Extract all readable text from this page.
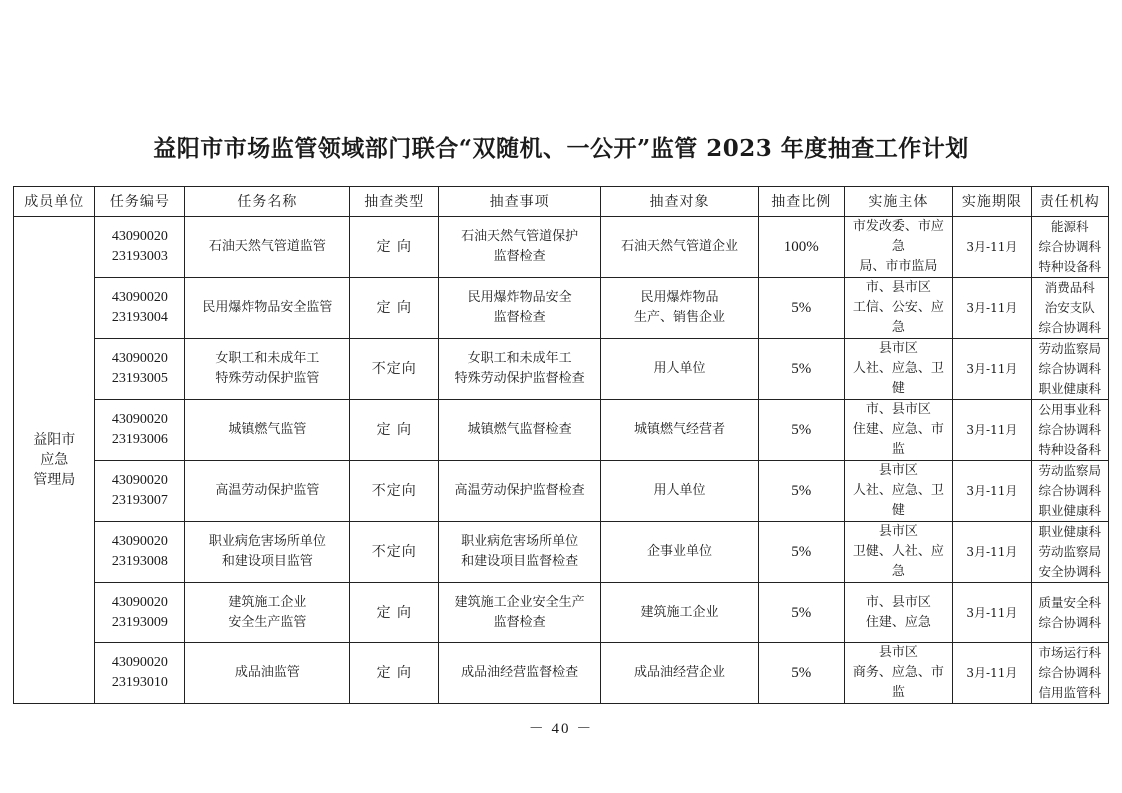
益阳市市场监管领域部门联合“双随机、一公开”监管 2023 年度抽查工作计划
成员单位	任务编号	任务名称	抽查类型	抽查事项	抽查对象	抽查比例	实施主体	实施期限	责任机构

益阳市
应急
管理局	43090020
23193003	石油天然气管道监管	定 向	石油天然气管道保护
监督检查	石油天然气管道企业	100%	市发改委、市应急
局、市市监局	3月-11月	能源科
综合协调科
特种设备科

	43090020
23193004	民用爆炸物品安全监管	定 向	民用爆炸物品安全
监督检查	民用爆炸物品
生产、销售企业	5%	市、县市区
工信、公安、应急	3月-11月	消费品科
治安支队
综合协调科

	43090020
23193005	女职工和未成年工
特殊劳动保护监管	不定向	女职工和未成年工
特殊劳动保护监督检查	用人单位	5%	县市区
人社、应急、卫健	3月-11月	劳动监察局
综合协调科
职业健康科

	43090020
23193006	城镇燃气监管	定 向	城镇燃气监督检查	城镇燃气经营者	5%	市、县市区
住建、应急、市监	3月-11月	公用事业科
综合协调科
特种设备科

	43090020
23193007	高温劳动保护监管	不定向	高温劳动保护监督检查	用人单位	5%	县市区
人社、应急、卫健	3月-11月	劳动监察局
综合协调科
职业健康科

	43090020
23193008	职业病危害场所单位
和建设项目监管	不定向	职业病危害场所单位
和建设项目监督检查	企事业单位	5%	县市区
卫健、人社、应急	3月-11月	职业健康科
劳动监察局
安全协调科

	43090020
23193009	建筑施工企业
安全生产监管	定 向	建筑施工企业安全生产
监督检查	建筑施工企业	5%	市、县市区
住建、应急	3月-11月	质量安全科
综合协调科

	43090020
23193010	成品油监管	定 向	成品油经营监督检查	成品油经营企业	5%	县市区
商务、应急、市监	3月-11月	市场运行科
综合协调科
信用监管科
－ 40 －
